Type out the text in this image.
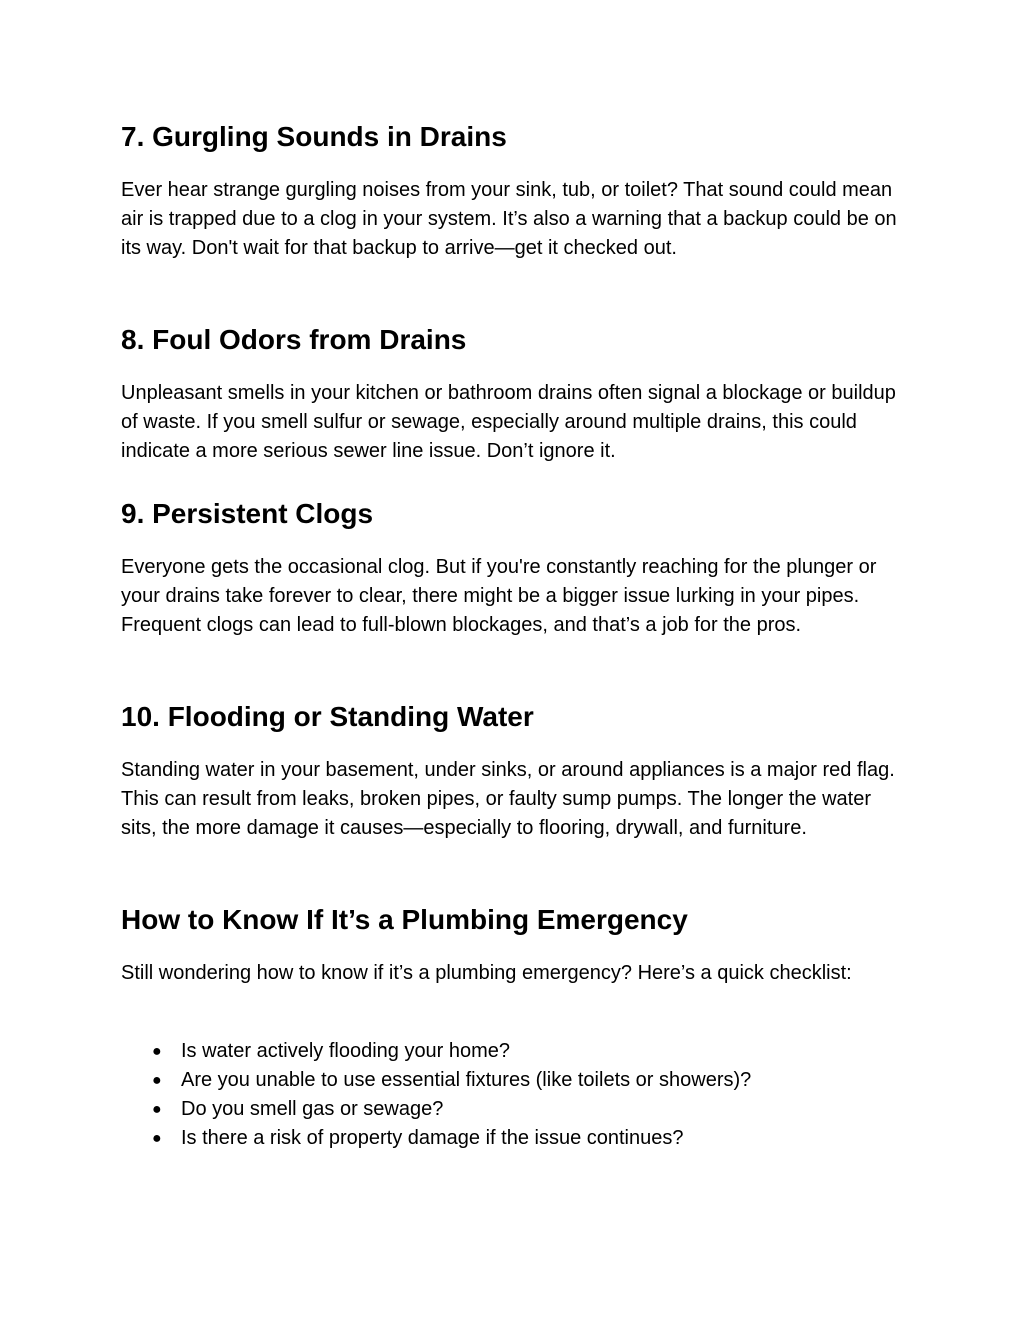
7. Gurgling Sounds in Drains

Ever hear strange gurgling noises from your sink, tub, or toilet? That sound could mean air is trapped due to a clog in your system. It’s also a warning that a backup could be on its way. Don't wait for that backup to arrive—get it checked out.

8. Foul Odors from Drains

Unpleasant smells in your kitchen or bathroom drains often signal a blockage or buildup of waste. If you smell sulfur or sewage, especially around multiple drains, this could indicate a more serious sewer line issue. Don’t ignore it.

9. Persistent Clogs

Everyone gets the occasional clog. But if you're constantly reaching for the plunger or your drains take forever to clear, there might be a bigger issue lurking in your pipes. Frequent clogs can lead to full-blown blockages, and that’s a job for the pros.

10. Flooding or Standing Water

Standing water in your basement, under sinks, or around appliances is a major red flag. This can result from leaks, broken pipes, or faulty sump pumps. The longer the water sits, the more damage it causes—especially to flooring, drywall, and furniture.

How to Know If It’s a Plumbing Emergency

Still wondering how to know if it’s a plumbing emergency? Here’s a quick checklist:

● Is water actively flooding your home?
● Are you unable to use essential fixtures (like toilets or showers)?
● Do you smell gas or sewage?
● Is there a risk of property damage if the issue continues?
